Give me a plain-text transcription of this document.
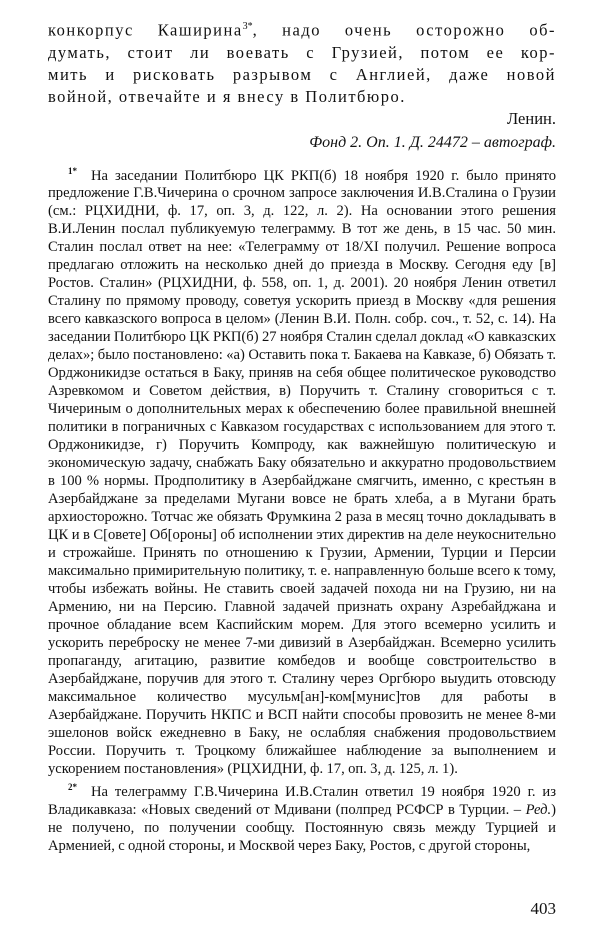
конкорпус Каширина$^{3*}$, надо очень осторожно об-
думать, стоит ли воевать с Грузией, потом ее кор-
мить и рисковать разрывом с Англией, даже новой
войной, отвечайте и я внесу в Политбюро.

Ленин.

Фонд 2. Оп. 1. Д. 24472 – автограф.

1* На заседании Политбюро ЦК РКП(б) 18 ноября 1920 г. было принято предложение Г.В.Чичерина о срочном запросе заключения И.В.Сталина о Грузии (см.: РЦХИДНИ, ф. 17, оп. 3, д. 122, л. 2). На основании этого решения В.И.Ленин послал публикуемую телеграмму. В тот же день, в 15 час. 50 мин. Сталин послал ответ на нее: «Телеграмму от 18/XI получил. Решение вопроса предлагаю отложить на несколько дней до приезда в Москву. Сегодня еду [в] Ростов. Сталин» (РЦХИДНИ, ф. 558, оп. 1, д. 2001). 20 ноября Ленин ответил Сталину по прямому проводу, советуя ускорить приезд в Москву «для решения всего кавказского вопроса в целом» (Ленин В.И. Полн. собр. соч., т. 52, с. 14). На заседании Политбюро ЦК РКП(б) 27 ноября Сталин сделал доклад «О кавказских делах»; было постановлено: «а) Оставить пока т. Бакаева на Кавказе, б) Обязать т. Орджоникидзе остаться в Баку, приняв на себя общее политическое руководство Азревкомом и Советом действия, в) Поручить т. Сталину сговориться с т. Чичериным о дополнительных мерах к обеспечению более правильной внешней политики в пограничных с Кавказом государствах с использованием для этого т. Орджоникидзе, г) Поручить Компроду, как важнейшую политическую и экономическую задачу, снабжать Баку обязательно и аккуратно продовольствием в 100 % нормы. Продполитику в Азербайджане смягчить, именно, с крестьян в Азербайджане за пределами Мугани вовсе не брать хлеба, а в Мугани брать архиосторожно. Тотчас же обязать Фрумкина 2 раза в месяц точно докладывать в ЦК и в С[овете] Об[ороны] об исполнении этих директив на деле неукоснительно и строжайше. Принять по отношению к Грузии, Армении, Турции и Персии максимально примирительную политику, т. е. направленную больше всего к тому, чтобы избежать войны. Не ставить своей задачей похода ни на Грузию, ни на Армению, ни на Персию. Главной задачей признать охрану Азребайджана и прочное обладание всем Каспийским морем. Для этого всемерно усилить и ускорить переброску не менее 7-ми дивизий в Азербайджан. Всемерно усилить пропаганду, агитацию, развитие комбедов и вообще совстроительство в Азербайджане, поручив для этого т. Сталину через Оргбюро выудить отовсюду максимальное количество мусульм[ан]-ком[мунис]тов для работы в Азербайджане. Поручить НКПС и ВСП найти способы провозить не менее 8-ми эшелонов войск ежедневно в Баку, не ослабляя снабжения продовольствием России. Поручить т. Троцкому ближайшее наблюдение за выполнением и ускорением постановления» (РЦХИДНИ, ф. 17, оп. 3, д. 125, л. 1).

2* На телеграмму Г.В.Чичерина И.В.Сталин ответил 19 ноября 1920 г. из Владикавказа: «Новых сведений от Мдивани (полпред РСФСР в Турции. – Ред.) не получено, по получении сообщу. Постоянную связь между Турцией и Арменией, с одной стороны, и Москвой через Баку, Ростов, с другой стороны,

403
